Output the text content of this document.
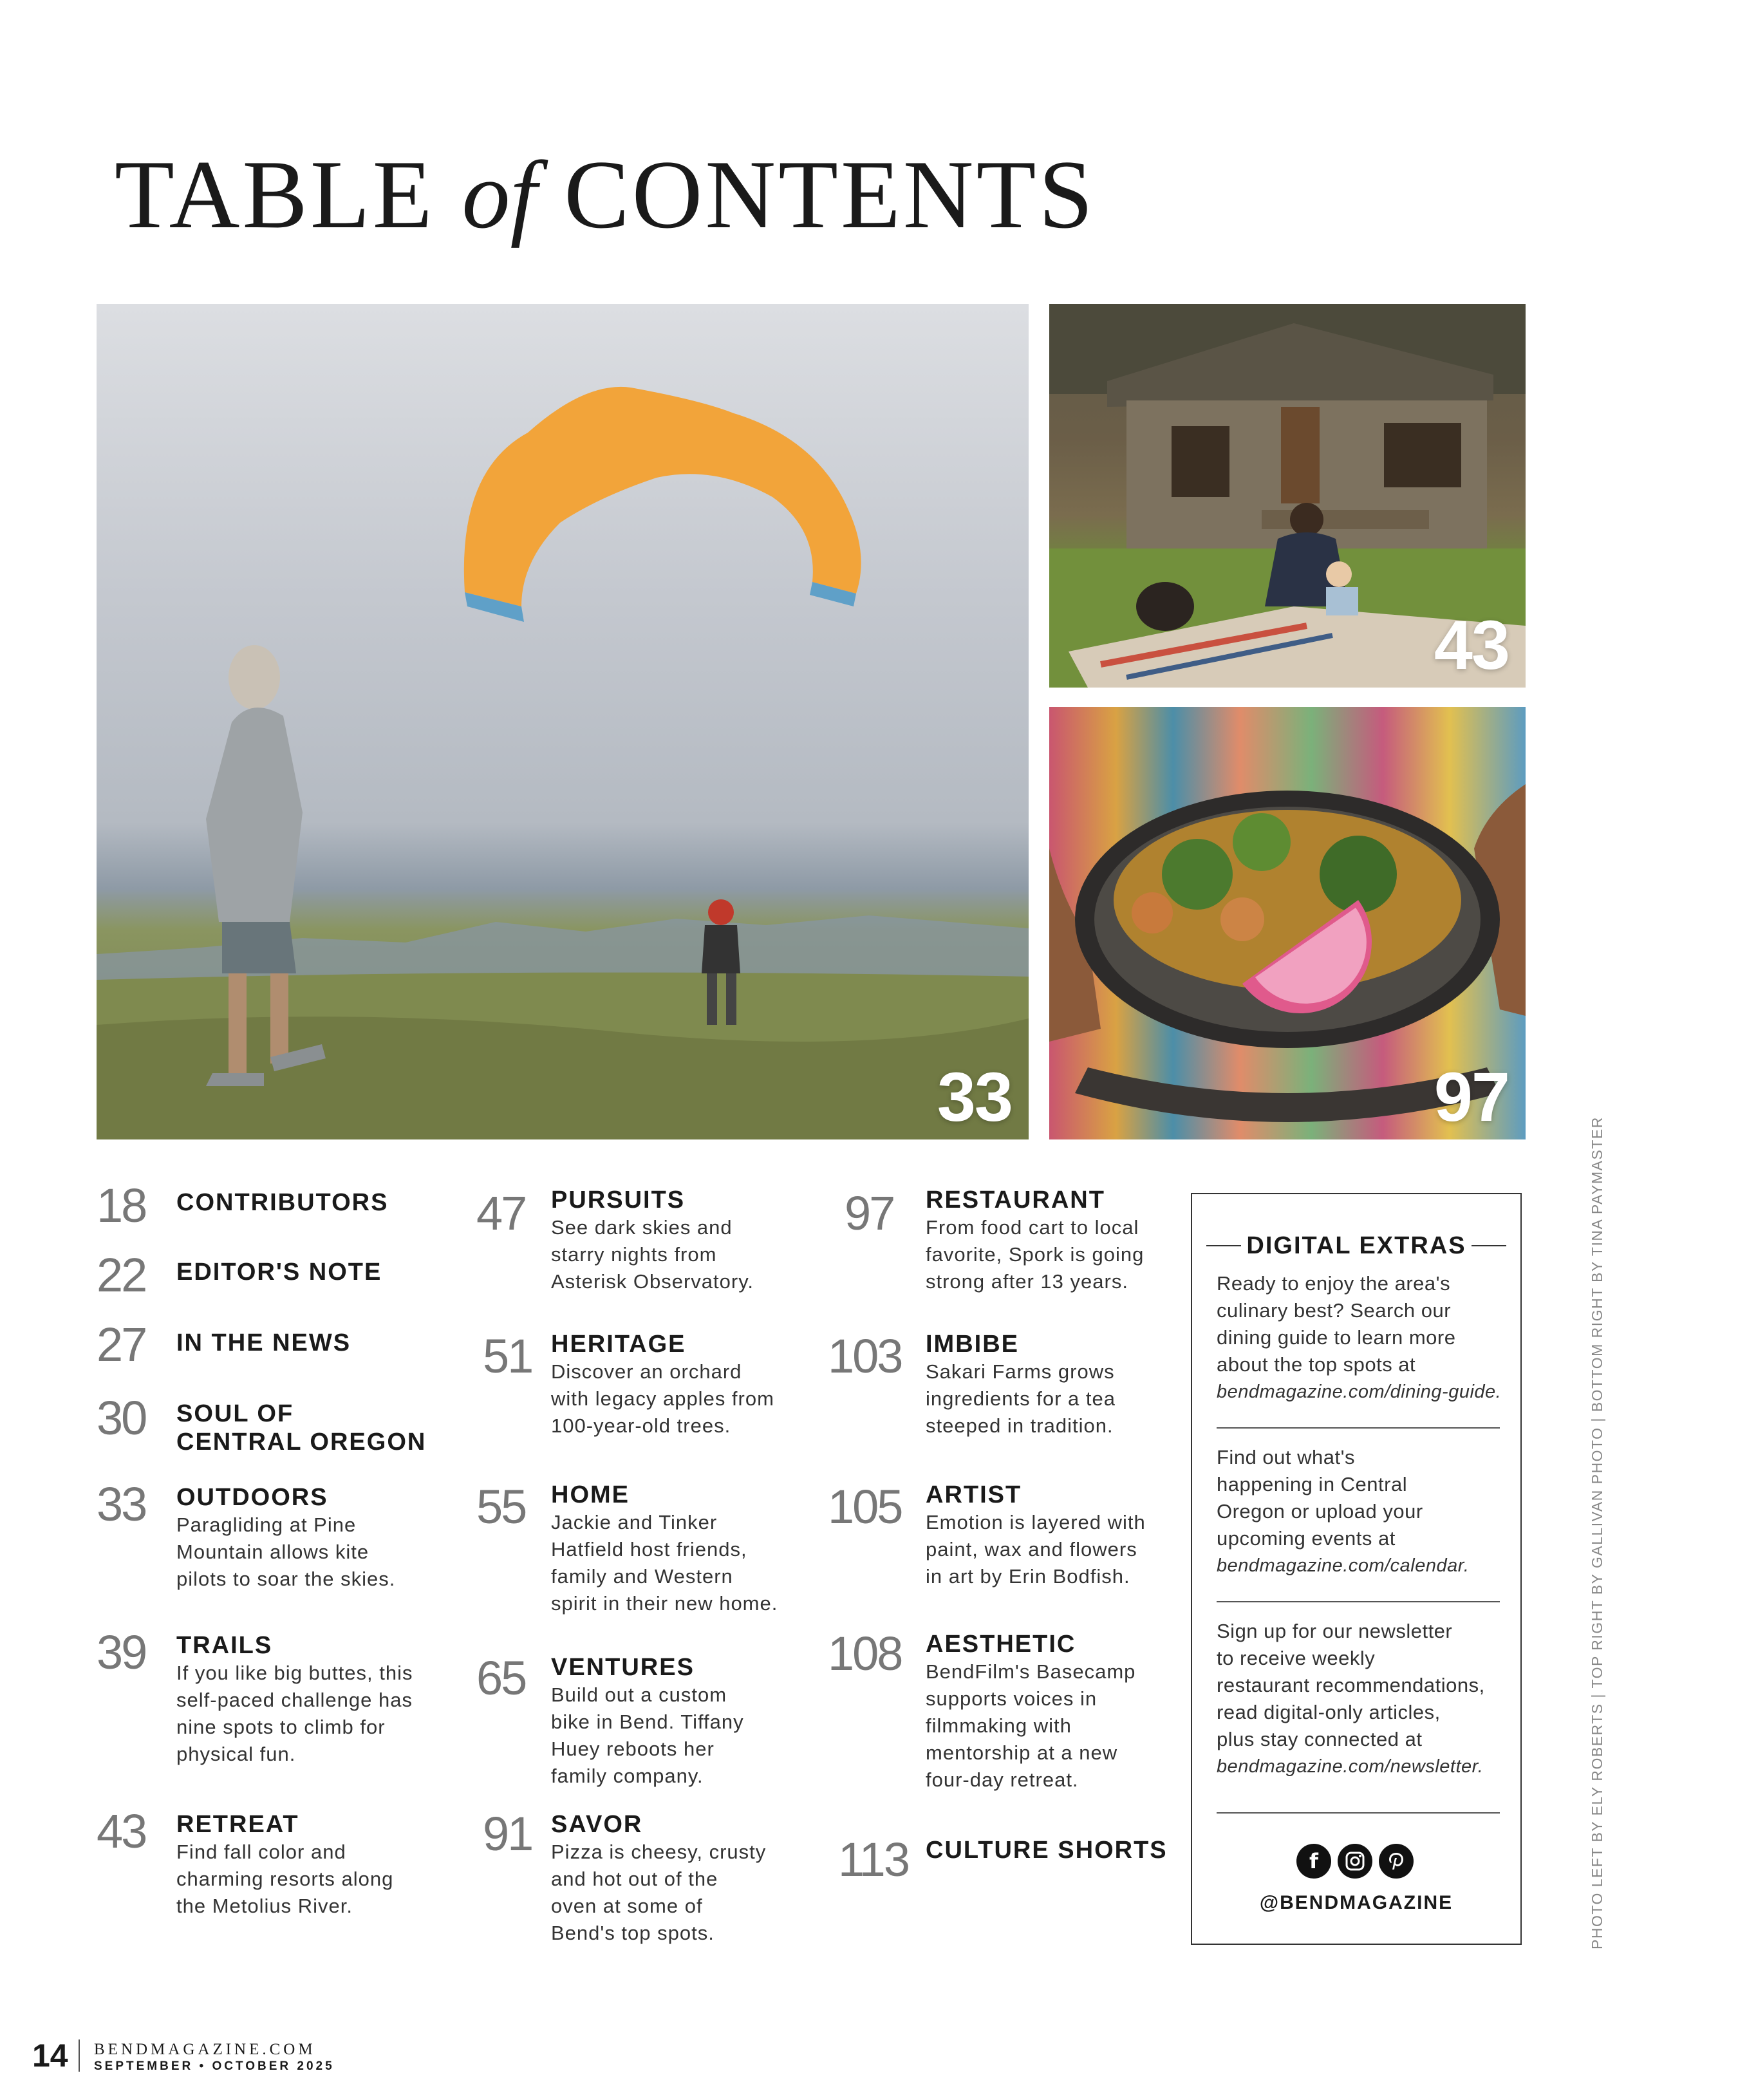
TABLE of CONTENTS
33
43
97
18 CONTRIBUTORS
22 EDITOR'S NOTE
27 IN THE NEWS
30 SOUL OF
CENTRAL OREGON
33 OUTDOORS
Paragliding at Pine
Mountain allows kite
pilots to soar the skies.
39 TRAILS
If you like big buttes, this
self-paced challenge has
nine spots to climb for
physical fun.
43 RETREAT
Find fall color and
charming resorts along
the Metolius River.
47 PURSUITS
See dark skies and
starry nights from
Asterisk Observatory.
51 HERITAGE
Discover an orchard
with legacy apples from
100-year-old trees.
55 HOME
Jackie and Tinker
Hatfield host friends,
family and Western
spirit in their new home.
65 VENTURES
Build out a custom
bike in Bend. Tiffany
Huey reboots her
family company.
91 SAVOR
Pizza is cheesy, crusty
and hot out of the
oven at some of
Bend's top spots.
97 RESTAURANT
From food cart to local
favorite, Spork is going
strong after 13 years.
103 IMBIBE
Sakari Farms grows
ingredients for a tea
steeped in tradition.
105 ARTIST
Emotion is layered with
paint, wax and flowers
in art by Erin Bodfish.
108 AESTHETIC
BendFilm's Basecamp
supports voices in
filmmaking with
mentorship at a new
four-day retreat.
113 CULTURE SHORTS
DIGITAL EXTRAS
Ready to enjoy the area's
culinary best? Search our
dining guide to learn more
about the top spots at
bendmagazine.com/dining-guide.
Find out what's
happening in Central
Oregon or upload your
upcoming events at
bendmagazine.com/calendar.
Sign up for our newsletter
to receive weekly
restaurant recommendations,
read digital-only articles,
plus stay connected at
bendmagazine.com/newsletter.
f
@BENDMAGAZINE	PHOTO LEFT BY ELY ROBERTS | TOP RIGHT BY GALLIVAN PHOTO | BOTTOM RIGHT BY TINA PAYMASTER
14 BENDMAGAZINE.COM
SEPTEMBER • OCTOBER 2025
